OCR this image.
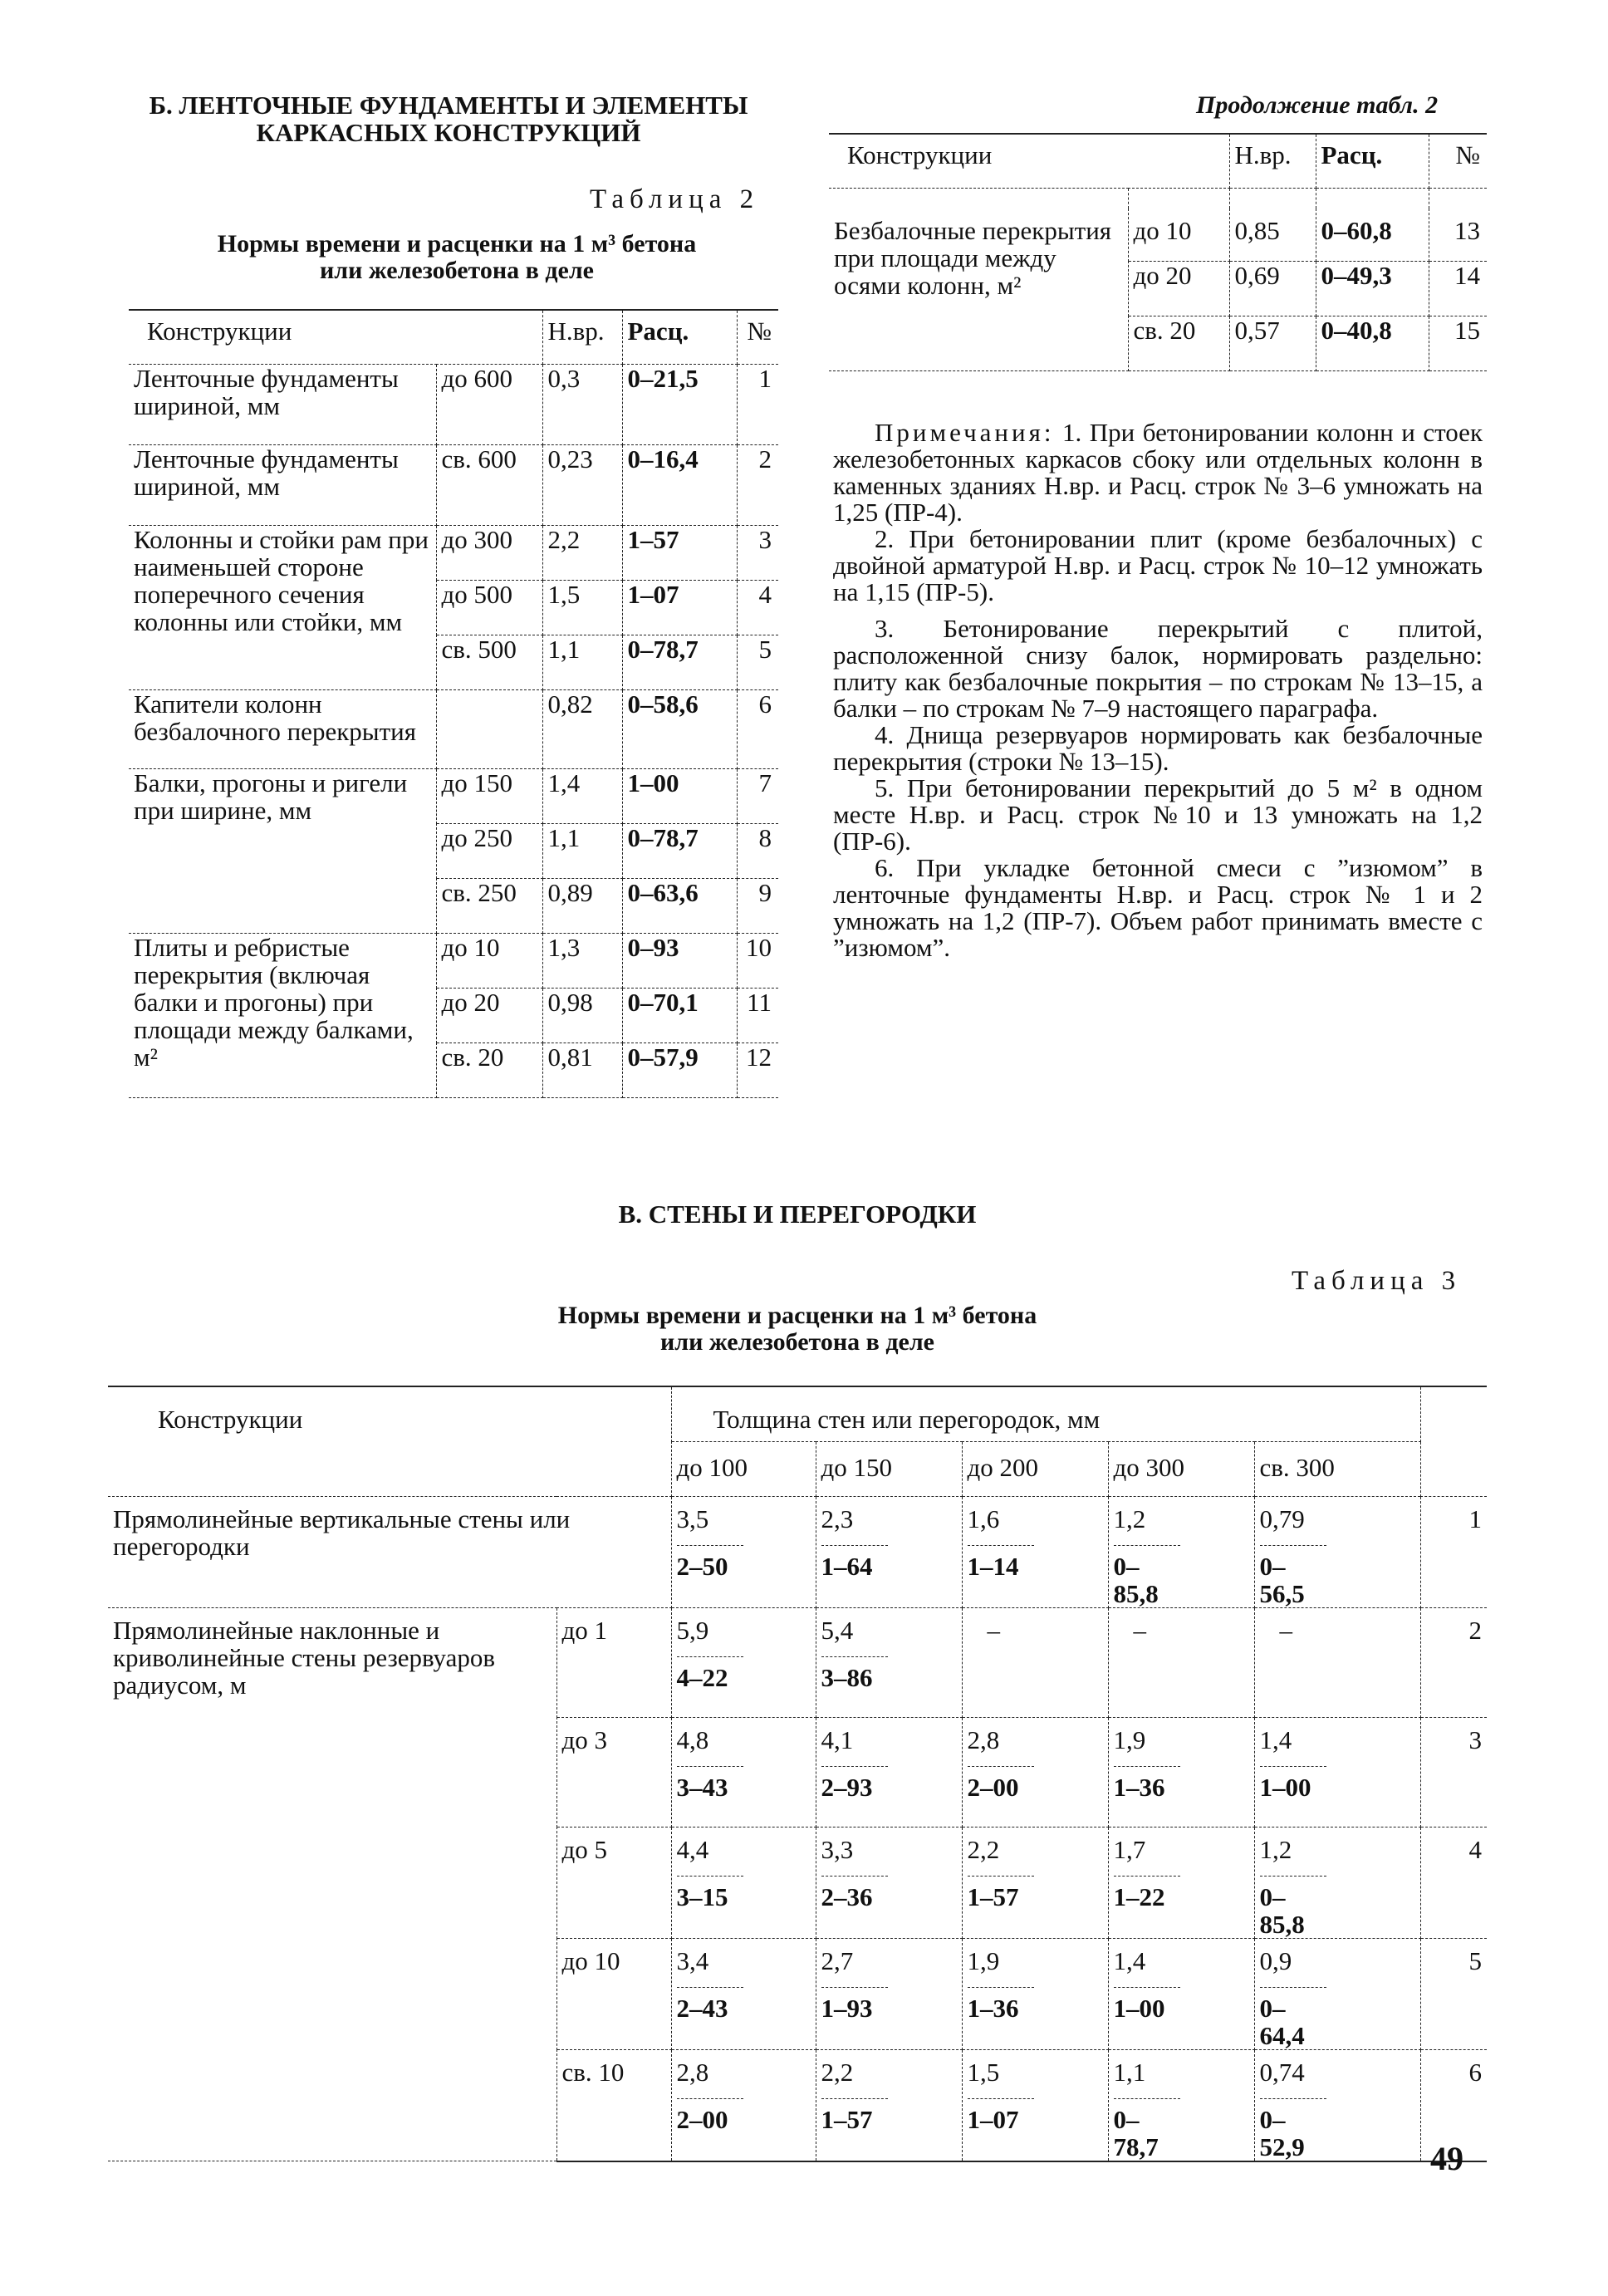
Б. ЛЕНТОЧНЫЕ ФУНДАМЕНТЫ И ЭЛЕМЕНТЫ
КАРКАСНЫХ КОНСТРУКЦИЙ
Таблица 2
Нормы времени и расценки на 1 м³ бетона
или железобетона в деле
Конструкции		Н.вр.	Расц.	№
Ленточные фундаменты шириной, мм	до 600	0,3	0–21,5	1
Ленточные фундаменты шириной, мм	св. 600	0,23	0–16,4	2
Колонны и стойки рам при наименьшей стороне поперечного сечения колонны или стойки, мм	до 300	2,2	1–57	3
	до 500	1,5	1–07	4
	св. 500	1,1	0–78,7	5
Капители колонн безбалочного перекрытия		0,82	0–58,6	6
Балки, прогоны и ригели при ширине, мм	до 150	1,4	1–00	7
	до 250	1,1	0–78,7	8
	св. 250	0,89	0–63,6	9
Плиты и ребристые перекрытия (включая балки и прогоны) при площади между балками, м²	до 10	1,3	0–93	10
	до 20	0,98	0–70,1	11
	св. 20	0,81	0–57,9	12
Продолжение табл. 2
Конструкции		Н.вр.	Расц.	№

Безбалочные перекрытия при площади между осями колонн, м²	до 10	0,85	0–60,8	13
	до 20	0,69	0–49,3	14
	св. 20	0,57	0–40,8	15

Примечания: 1. При бетонировании колонн и стоек железобетонных каркасов сбоку или отдельных колонн в каменных зданиях Н.вр. и Расц. строк № 3–6 умножать на 1,25 (ПР-4).

2. При бетонировании плит (кроме безбалочных) с двойной арматурой Н.вр. и Расц. строк № 10–12 умножать на 1,15 (ПР-5).

3. Бетонирование перекрытий с плитой, расположенной снизу балок, нормировать раздельно: плиту как безбалочные покрытия – по строкам № 13–15, а балки – по строкам № 7–9 настоящего параграфа.

4. Днища резервуаров нормировать как безбалочные перекрытия (строки № 13–15).

5. При бетонировании перекрытий до 5 м² в одном месте Н.вр. и Расц. строк №10 и 13 умножать на 1,2 (ПР-6).

6. При укладке бетонной смеси с ”изюмом” в ленточные фундаменты Н.вр. и Расц. строк № 1 и 2 умножать на 1,2 (ПР-7). Объем работ принимать вместе с ”изюмом”.

В. СТЕНЫ И ПЕРЕГОРОДКИ
Таблица 3
Нормы времени и расценки на 1 м³ бетона
или железобетона в деле
Конструкции		Толщина стен или перегородок, мм					
		до 100	до 150	до 200	до 300	св. 300	
Прямолинейные вертикальные стены или перегородки		$\frac{3,5}{2-50}$	$\frac{2,3}{1-64}$	$\frac{1,6}{1-14}$	$\frac{1,2}{0-85,8}$	$\frac{0,79}{0-56,5}$	1
Прямолинейные наклонные и криволинейные стены резервуаров радиусом, м	до 1	$\frac{5,9}{4-22}$	$\frac{5,4}{3-86}$	–	–	–	2
	до 3	$\frac{4,8}{3-43}$	$\frac{4,1}{2-93}$	$\frac{2,8}{2-00}$	$\frac{1,9}{1-36}$	$\frac{1,4}{1-00}$	3
	до 5	$\frac{4,4}{3-15}$	$\frac{3,3}{2-36}$	$\frac{2,2}{1-57}$	$\frac{1,7}{1-22}$	$\frac{1,2}{0-85,8}$	4
	до 10	$\frac{3,4}{2-43}$	$\frac{2,7}{1-93}$	$\frac{1,9}{1-36}$	$\frac{1,4}{1-00}$	$\frac{0,9}{0-64,4}$	5
	св. 10	$\frac{2,8}{2-00}$	$\frac{2,2}{1-57}$	$\frac{1,5}{1-07}$	$\frac{1,1}{0-78,7}$	$\frac{0,74}{0-52,9}$	6
49
